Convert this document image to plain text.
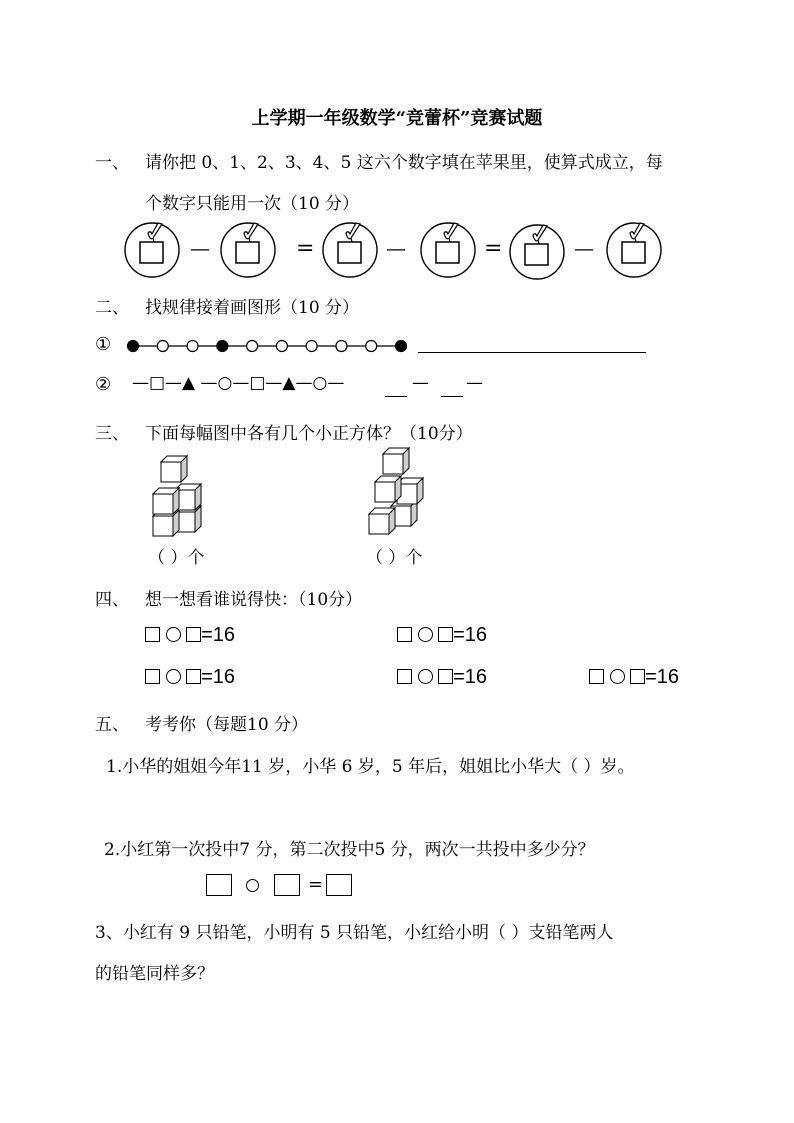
上学期一年级数学“竞蕾杯”竞赛试题
一、 请你把 0、1、2、3、4、5 这六个数字填在苹果里，使算式成立，每
个数字只能用一次（10 分）
—	=	—	=	—
二、 找规律接着画图形（10 分）
①
② —□—▲ —○—□—▲—○—	— —
三、 下面每幅图中各有几个小正方体？（10分）
（ ）个	（ ）个
四、 想一想看谁说得快：（10分）
=16	=16
=16	=16	=16
五、 考考你（每题10 分）
1.小华的姐姐今年11 岁，小华 6 岁，5 年后，姐姐比小华大（ ）岁。
2.小红第一次投中7 分，第二次投中5 分，两次一共投中多少分？
=
3、小红有 9 只铅笔，小明有 5 只铅笔，小红给小明（ ）支铅笔两人
的铅笔同样多？
